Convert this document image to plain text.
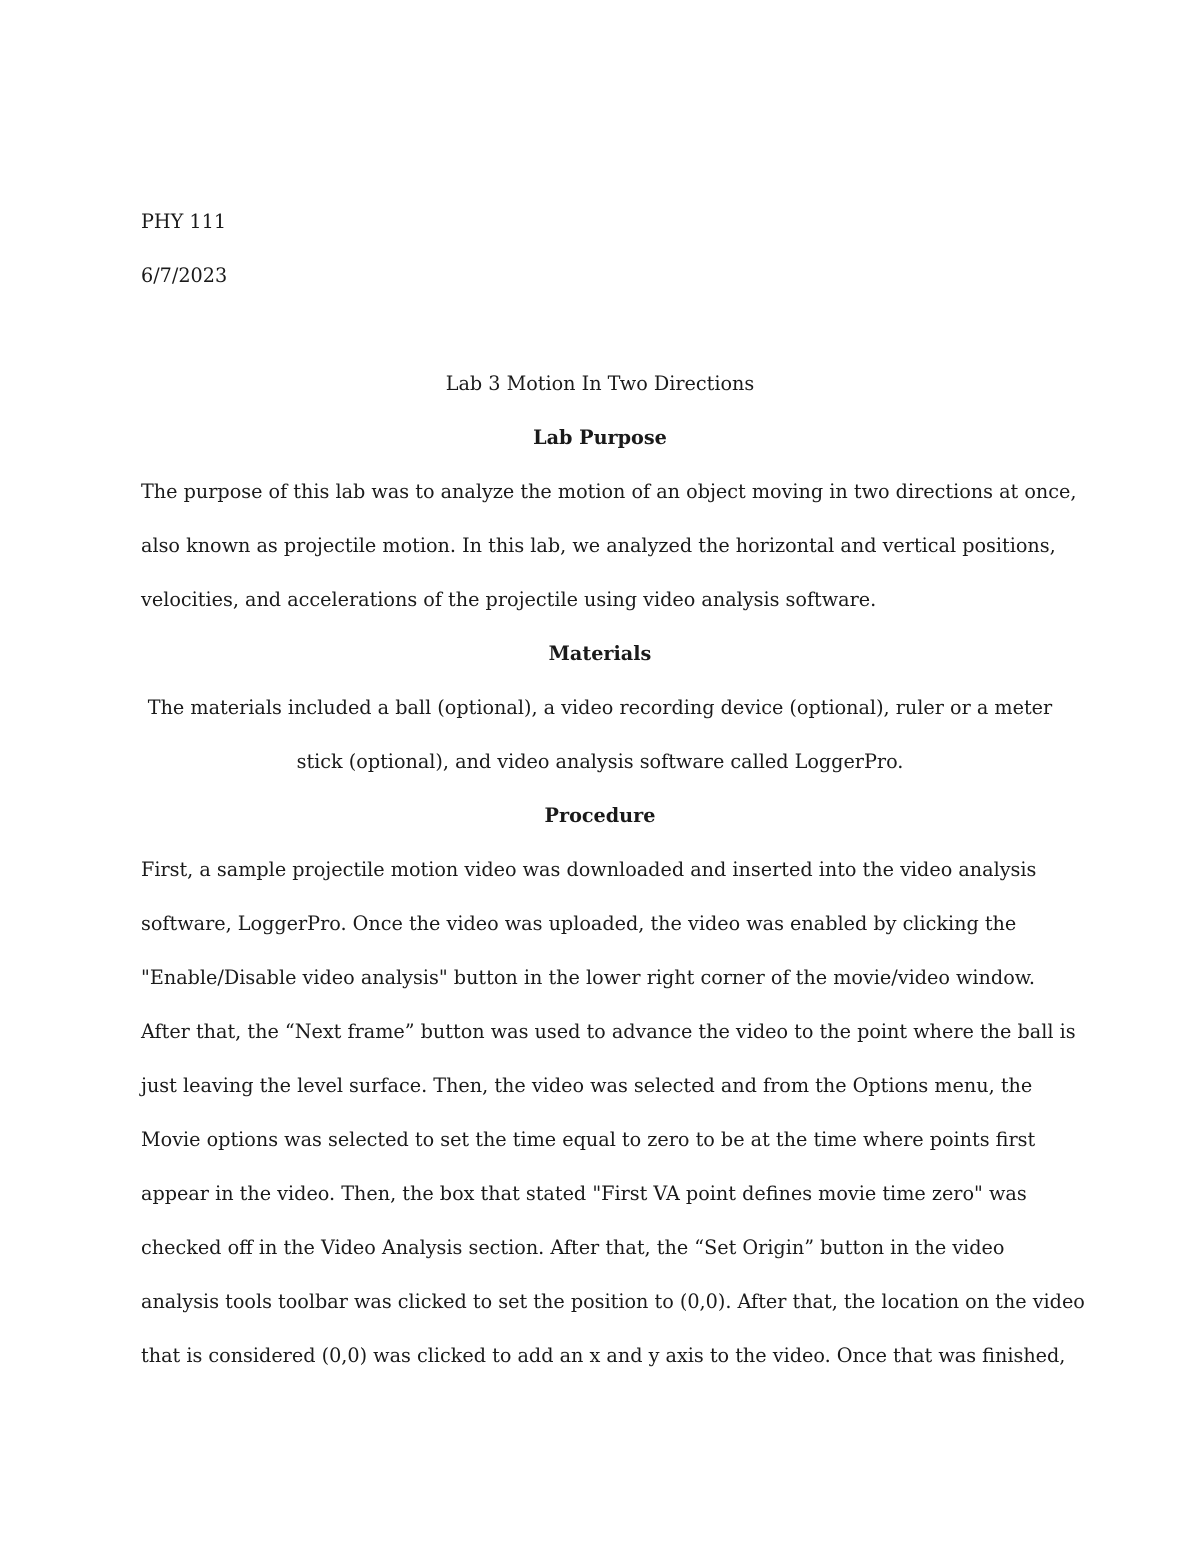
PHY 111

6/7/2023

Lab 3 Motion In Two Directions

Lab Purpose

The purpose of this lab was to analyze the motion of an object moving in two directions at once,

also known as projectile motion. In this lab, we analyzed the horizontal and vertical positions,

velocities, and accelerations of the projectile using video analysis software.

Materials

The materials included a ball (optional), a video recording device (optional), ruler or a meter

stick (optional), and video analysis software called LoggerPro.

Procedure

First, a sample projectile motion video was downloaded and inserted into the video analysis

software, LoggerPro. Once the video was uploaded, the video was enabled by clicking the

"Enable/Disable video analysis" button in the lower right corner of the movie/video window.

After that, the “Next frame” button was used to advance the video to the point where the ball is

just leaving the level surface. Then, the video was selected and from the Options menu, the

Movie options was selected to set the time equal to zero to be at the time where points first

appear in the video. Then, the box that stated "First VA point defines movie time zero" was

checked off in the Video Analysis section. After that, the “Set Origin” button in the video

analysis tools toolbar was clicked to set the position to (0,0). After that, the location on the video

that is considered (0,0) was clicked to add an x and y axis to the video. Once that was finished,
